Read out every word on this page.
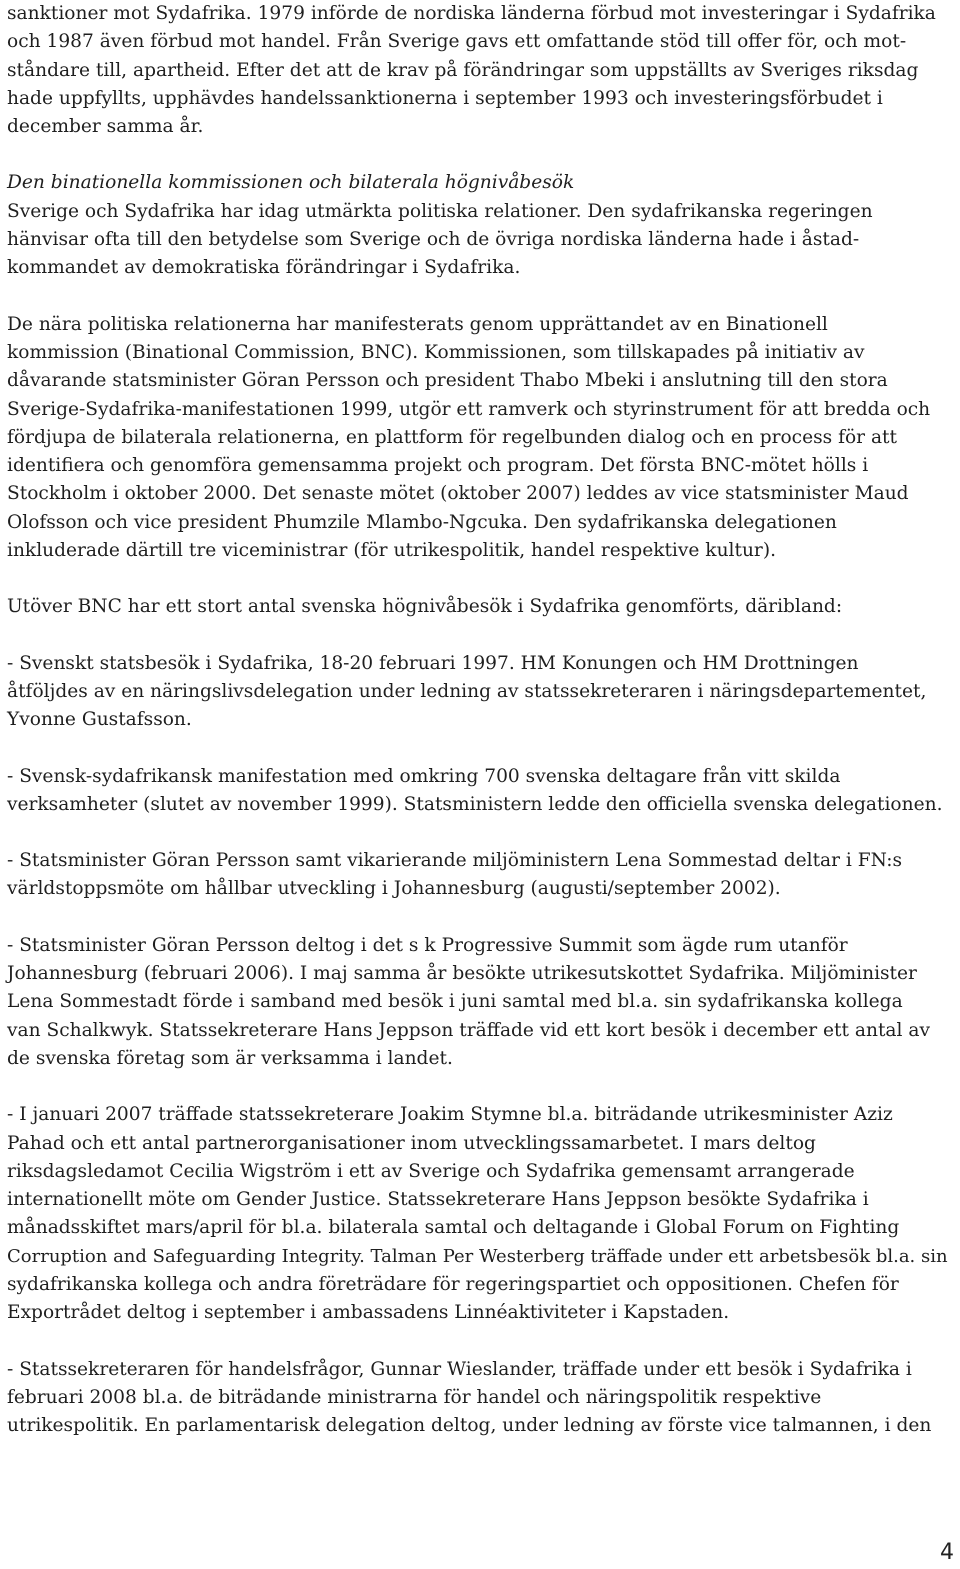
sanktioner mot Sydafrika. 1979 införde de nordiska länderna förbud mot investeringar i Sydafrika
och 1987 även förbud mot handel. Från Sverige gavs ett omfattande stöd till offer för, och mot-
ståndare till, apartheid. Efter det att de krav på förändringar som uppställts av Sveriges riksdag
hade uppfyllts, upphävdes handelssanktionerna i september 1993 och investeringsförbudet i
december samma år.
Den binationella kommissionen och bilaterala högnivåbesök
Sverige och Sydafrika har idag utmärkta politiska relationer. Den sydafrikanska regeringen
hänvisar ofta till den betydelse som Sverige och de övriga nordiska länderna hade i åstad-
kommandet av demokratiska förändringar i Sydafrika.
De nära politiska relationerna har manifesterats genom upprättandet av en Binationell
kommission (Binational Commission, BNC). Kommissionen, som tillskapades på initiativ av
dåvarande statsminister Göran Persson och president Thabo Mbeki i anslutning till den stora
Sverige-Sydafrika-manifestationen 1999, utgör ett ramverk och styrinstrument för att bredda och
fördjupa de bilaterala relationerna, en plattform för regelbunden dialog och en process för att
identifiera och genomföra gemensamma projekt och program. Det första BNC-mötet hölls i
Stockholm i oktober 2000. Det senaste mötet (oktober 2007) leddes av vice statsminister Maud
Olofsson och vice president Phumzile Mlambo-Ngcuka. Den sydafrikanska delegationen
inkluderade därtill tre viceministrar (för utrikespolitik, handel respektive kultur).
Utöver BNC har ett stort antal svenska högnivåbesök i Sydafrika genomförts, däribland:
- Svenskt statsbesök i Sydafrika, 18-20 februari 1997. HM Konungen och HM Drottningen
åtföljdes av en näringslivsdelegation under ledning av statssekreteraren i näringsdepartementet,
Yvonne Gustafsson.
- Svensk-sydafrikansk manifestation med omkring 700 svenska deltagare från vitt skilda
verksamheter (slutet av november 1999). Statsministern ledde den officiella svenska delegationen.
- Statsminister Göran Persson samt vikarierande miljöministern Lena Sommestad deltar i FN:s
världstoppsmöte om hållbar utveckling i Johannesburg (augusti/september 2002).
- Statsminister Göran Persson deltog i det s k Progressive Summit som ägde rum utanför
Johannesburg (februari 2006). I maj samma år besökte utrikesutskottet Sydafrika. Miljöminister
Lena Sommestadt förde i samband med besök i juni samtal med bl.a. sin sydafrikanska kollega
van Schalkwyk. Statssekreterare Hans Jeppson träffade vid ett kort besök i december ett antal av
de svenska företag som är verksamma i landet.
- I januari 2007 träffade statssekreterare Joakim Stymne bl.a. biträdande utrikesminister Aziz
Pahad och ett antal partnerorganisationer inom utvecklingssamarbetet. I mars deltog
riksdagsledamot Cecilia Wigström i ett av Sverige och Sydafrika gemensamt arrangerade
internationellt möte om Gender Justice. Statssekreterare Hans Jeppson besökte Sydafrika i
månadsskiftet mars/april för bl.a. bilaterala samtal och deltagande i Global Forum on Fighting
Corruption and Safeguarding Integrity. Talman Per Westerberg träffade under ett arbetsbesök bl.a. sin
sydafrikanska kollega och andra företrädare för regeringspartiet och oppositionen. Chefen för
Exportrådet deltog i september i ambassadens Linnéaktiviteter i Kapstaden.
- Statssekreteraren för handelsfrågor, Gunnar Wieslander, träffade under ett besök i Sydafrika i
februari 2008 bl.a. de biträdande ministrarna för handel och näringspolitik respektive
utrikespolitik. En parlamentarisk delegation deltog, under ledning av förste vice talmannen, i den
4
